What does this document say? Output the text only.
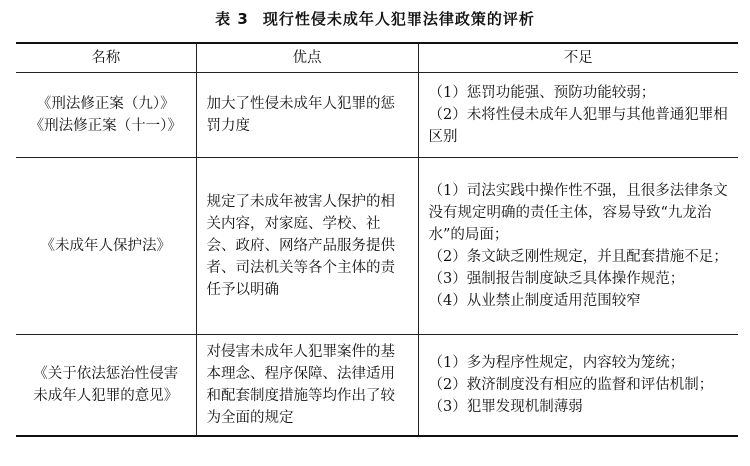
表 3 现行性侵未成年人犯罪法律政策的评析
名称	优点	不足

《刑法修正案（九）》
《刑法修正案（十一）》	加大了性侵未成年人犯罪的惩罚力度	（1）惩罚功能强、预防功能较弱；
（2）未将性侵未成年人犯罪与其他普通犯罪相区别

《未成年人保护法》	规定了未成年被害人保护的相关内容，对家庭、学校、社会、政府、网络产品服务提供者、司法机关等各个主体的责任予以明确	（1）司法实践中操作性不强，且很多法律条文没有规定明确的责任主体，容易导致“九龙治水”的局面；
（2）条文缺乏刚性规定，并且配套措施不足；
（3）强制报告制度缺乏具体操作规范；
（4）从业禁止制度适用范围较窄

《关于依法惩治性侵害
未成年人犯罪的意见》	对侵害未成年人犯罪案件的基本理念、程序保障、法律适用和配套制度措施等均作出了较为全面的规定	（1）多为程序性规定，内容较为笼统；
（2）救济制度没有相应的监督和评估机制；
（3）犯罪发现机制薄弱
